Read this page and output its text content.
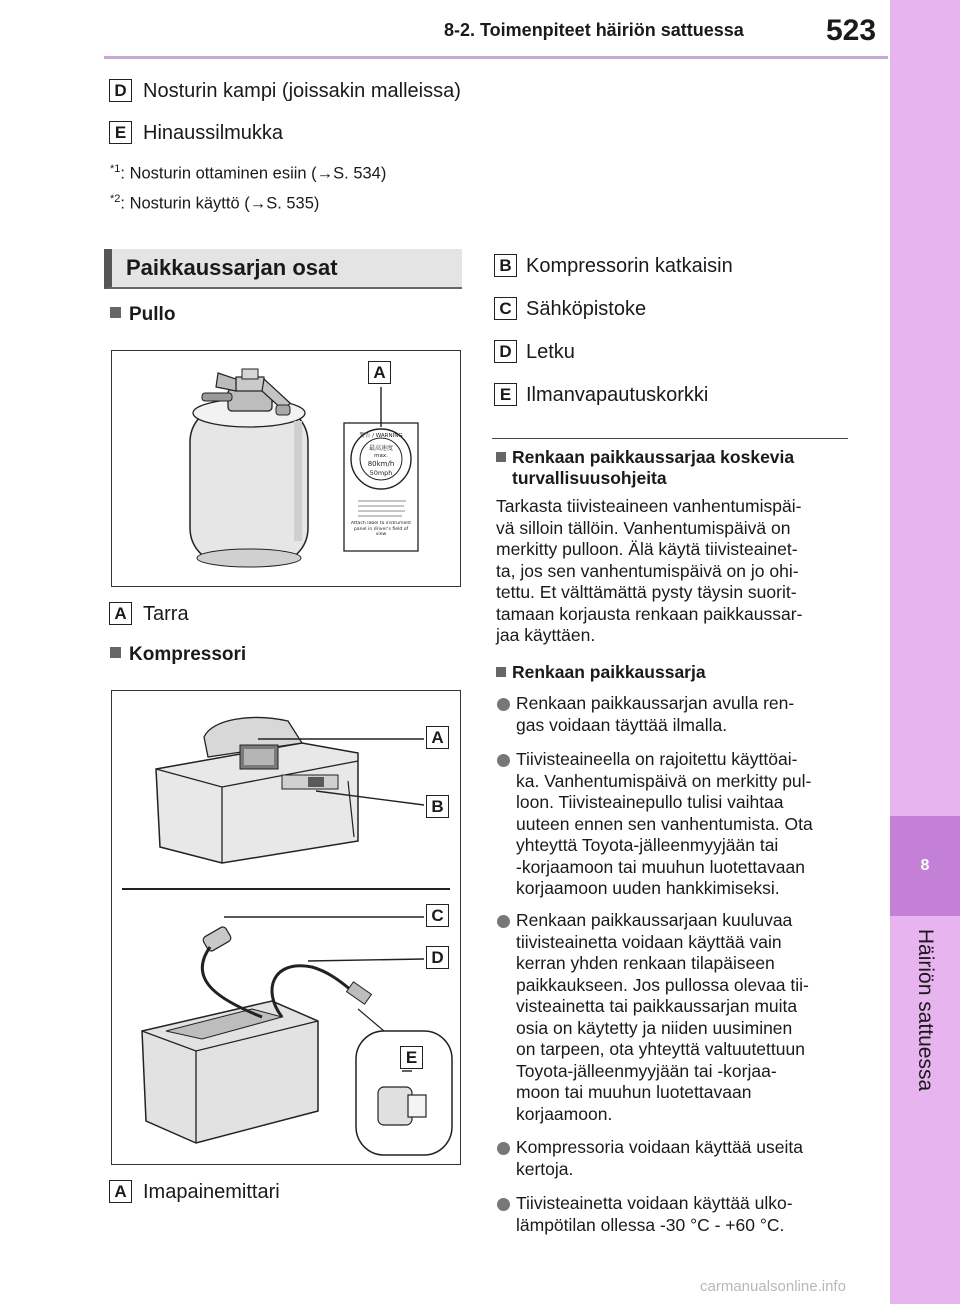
8-2. Toimenpiteet häiriön sattuessa	523
8
Häiriön sattuessa
D Nosturin kampi (joissakin malleissa)
E Hinaussilmukka
$^{*1}$: Nosturin ottaminen esiin (→S. 534)
$^{*2}$: Nosturin käyttö (→S. 535)
Paikkaussarjan osat
Pullo
警告 / WARNING
最高速度
max.
80km/h
50mph
Attach label to instrument panel in driver's field of view
A
A Tarra
Kompressori
A
B
C
D
E
A Imapainemittari
B Kompressorin katkaisin
C Sähköpistoke
D Letku
E Ilmanvapautuskorkki
Renkaan paikkaussarjaa koskevia
turvallisuusohjeita
Tarkasta tiivisteaineen vanhentumispäi-
vä silloin tällöin. Vanhentumispäivä on
merkitty pulloon. Älä käytä tiivisteainet-
ta, jos sen vanhentumispäivä on jo ohi-
tettu. Et välttämättä pysty täysin suorit-
tamaan korjausta renkaan paikkaussar-
jaa käyttäen.
Renkaan paikkaussarja
Renkaan paikkaussarjan avulla ren-
gas voidaan täyttää ilmalla.
Tiivisteaineella on rajoitettu käyttöai-
ka. Vanhentumispäivä on merkitty pul-
loon. Tiivisteainepullo tulisi vaihtaa
uuteen ennen sen vanhentumista. Ota
yhteyttä Toyota-jälleenmyyjään tai
-korjaamoon tai muuhun luotettavaan
korjaamoon uuden hankkimiseksi.
Renkaan paikkaussarjaan kuuluvaa
tiivisteainetta voidaan käyttää vain
kerran yhden renkaan tilapäiseen
paikkaukseen. Jos pullossa olevaa tii-
visteainetta tai paikkaussarjan muita
osia on käytetty ja niiden uusiminen
on tarpeen, ota yhteyttä valtuutettuun
Toyota-jälleenmyyjään tai -korjaa-
moon tai muuhun luotettavaan
korjaamoon.
Kompressoria voidaan käyttää useita
kertoja.
Tiivisteainetta voidaan käyttää ulko-
lämpötilan ollessa -30 °C - +60 °C.
carmanualsonline.info
